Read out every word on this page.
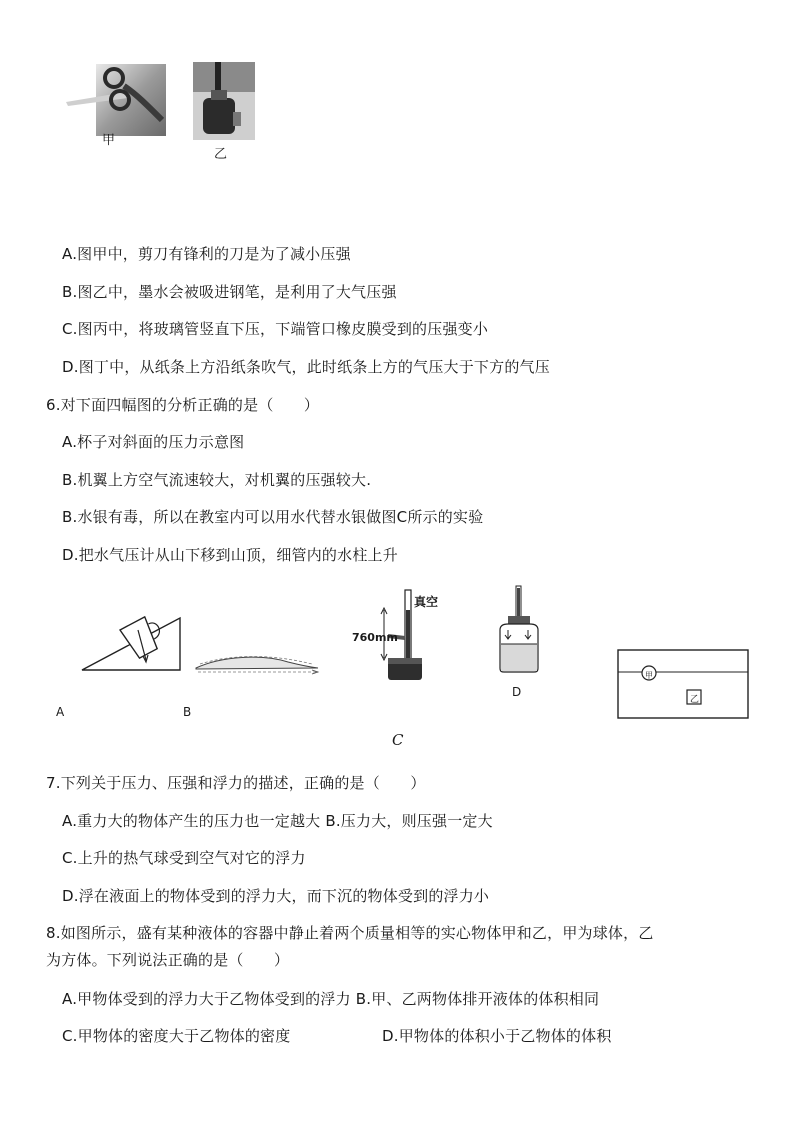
甲
乙
A.图甲中，剪刀有锋利的刀是为了减小压强
B.图乙中，墨水会被吸进钢笔，是利用了大气压强
C.图丙中，将玻璃管竖直下压，下端管口橡皮膜受到的压强变小
D.图丁中，从纸条上方沿纸条吹气，此时纸条上方的气压大于下方的气压
6.对下面四幅图的分析正确的是（　　）
A.杯子对斜面的压力示意图
B.机翼上方空气流速较大，对机翼的压强较大.
B.水银有毒，所以在教室内可以用水代替水银做图C所示的实验
D.把水气压计从山下移到山顶，细管内的水柱上升
A	B
真空
760mm
C
D
甲
乙
7.下列关于压力、压强和浮力的描述，正确的是（　　）
A.重力大的物体产生的压力也一定越大 B.压力大，则压强一定大
C.上升的热气球受到空气对它的浮力
D.浮在液面上的物体受到的浮力大，而下沉的物体受到的浮力小
8.如图所示，盛有某种液体的容器中静止着两个质量相等的实心物体甲和乙，甲为球体，乙
为方体。下列说法正确的是（　　）
A.甲物体受到的浮力大于乙物体受到的浮力 B.甲、乙两物体排开液体的体积相同
C.甲物体的密度大于乙物体的密度	D.甲物体的体积小于乙物体的体积
